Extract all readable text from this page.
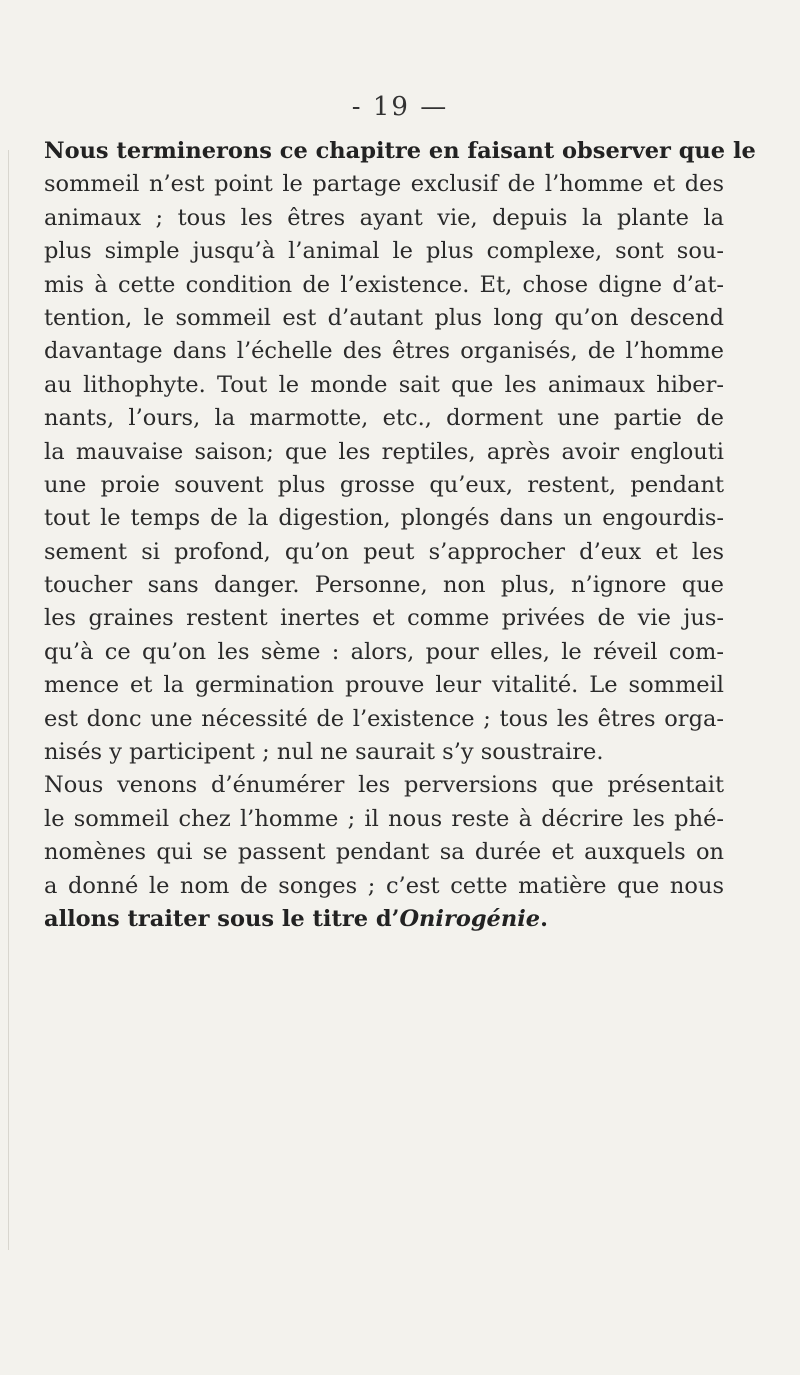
- 19 —
Nous terminerons ce chapitre en faisant observer que le
sommeil n’est point le partage exclusif de l’homme et des
animaux ; tous les êtres ayant vie, depuis la plante la
plus simple jusqu’à l’animal le plus complexe, sont sou-
mis à cette condition de l’existence. Et, chose digne d’at-
tention, le sommeil est d’autant plus long qu’on descend
davantage dans l’échelle des êtres organisés, de l’homme
au lithophyte. Tout le monde sait que les animaux hiber-
nants, l’ours, la marmotte, etc., dorment une partie de
la mauvaise saison; que les reptiles, après avoir englouti
une proie souvent plus grosse qu’eux, restent, pendant
tout le temps de la digestion, plongés dans un engourdis-
sement si profond, qu’on peut s’approcher d’eux et les
toucher sans danger. Personne, non plus, n’ignore que
les graines restent inertes et comme privées de vie jus-
qu’à ce qu’on les sème : alors, pour elles, le réveil com-
mence et la germination prouve leur vitalité. Le sommeil
est donc une nécessité de l’existence ; tous les êtres orga-
nisés y participent ; nul ne saurait s’y soustraire.
Nous venons d’énumérer les perversions que présentait
le sommeil chez l’homme ; il nous reste à décrire les phé-
nomènes qui se passent pendant sa durée et auxquels on
a donné le nom de songes ; c’est cette matière que nous
allons traiter sous le titre d’Onirogénie.
